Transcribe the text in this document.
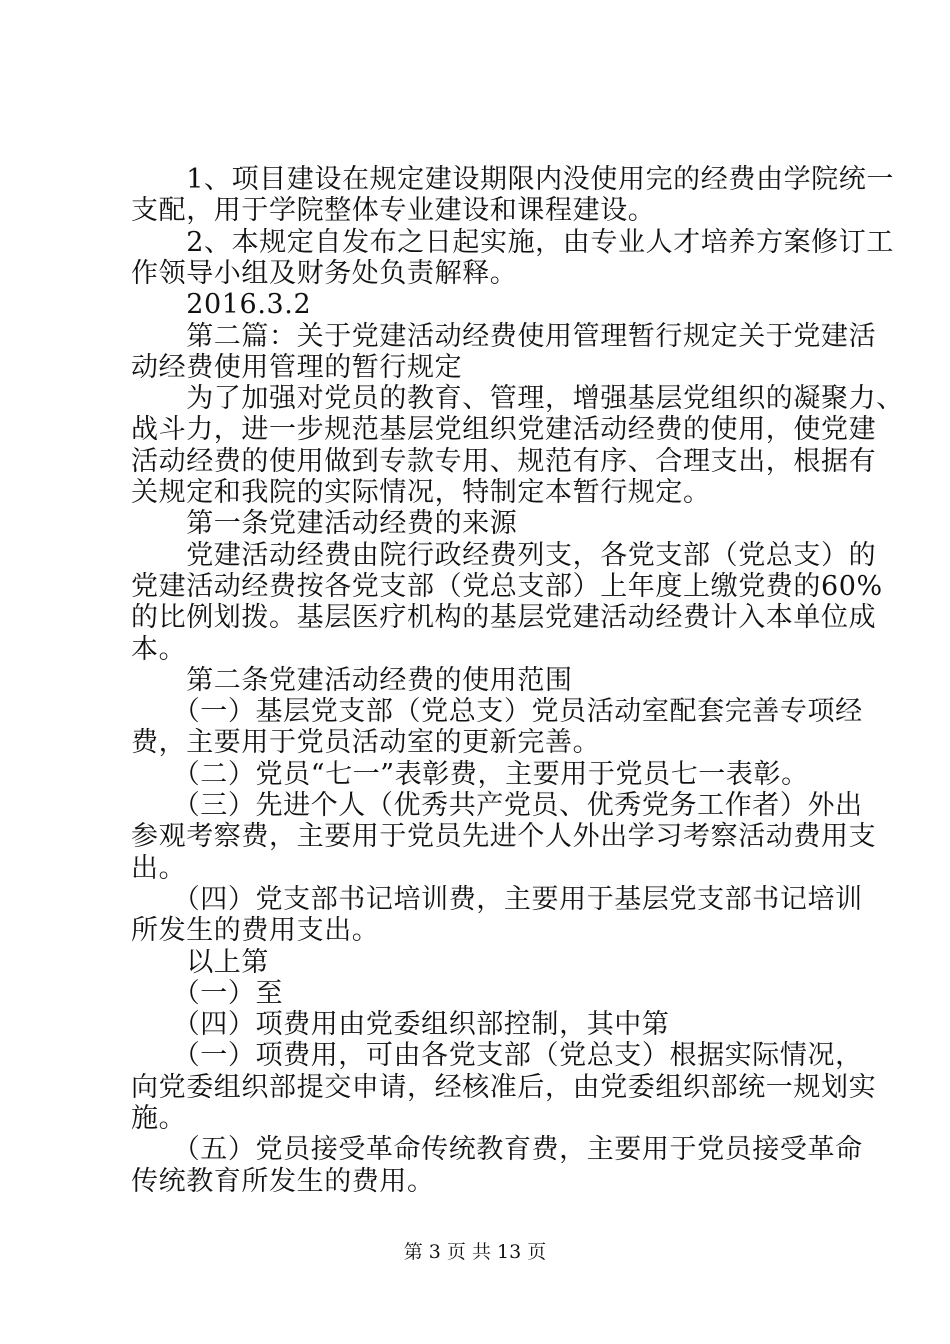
　　1、项目建设在规定建设期限内没使用完的经费由学院统一
支配，用于学院整体专业建设和课程建设。
　　2、本规定自发布之日起实施，由专业人才培养方案修订工
作领导小组及财务处负责解释。
　　2016.3.2
　　第二篇：关于党建活动经费使用管理暂行规定关于党建活
动经费使用管理的暂行规定
　　为了加强对党员的教育、管理，增强基层党组织的凝聚力、
战斗力，进一步规范基层党组织党建活动经费的使用，使党建
活动经费的使用做到专款专用、规范有序、合理支出，根据有
关规定和我院的实际情况，特制定本暂行规定。
　　第一条党建活动经费的来源
　　党建活动经费由院行政经费列支，各党支部（党总支）的
党建活动经费按各党支部（党总支部）上年度上缴党费的60%
的比例划拨。基层医疗机构的基层党建活动经费计入本单位成
本。
　　第二条党建活动经费的使用范围
　　（一）基层党支部（党总支）党员活动室配套完善专项经
费，主要用于党员活动室的更新完善。
　　（二）党员“七一”表彰费，主要用于党员七一表彰。
　　（三）先进个人（优秀共产党员、优秀党务工作者）外出
参观考察费，主要用于党员先进个人外出学习考察活动费用支
出。
　　（四）党支部书记培训费，主要用于基层党支部书记培训
所发生的费用支出。
　　以上第
　　（一）至
　　（四）项费用由党委组织部控制，其中第
　　（一）项费用，可由各党支部（党总支）根据实际情况，
向党委组织部提交申请，经核准后，由党委组织部统一规划实
施。
　　（五）党员接受革命传统教育费，主要用于党员接受革命
传统教育所发生的费用。
第 3 页 共 13 页
